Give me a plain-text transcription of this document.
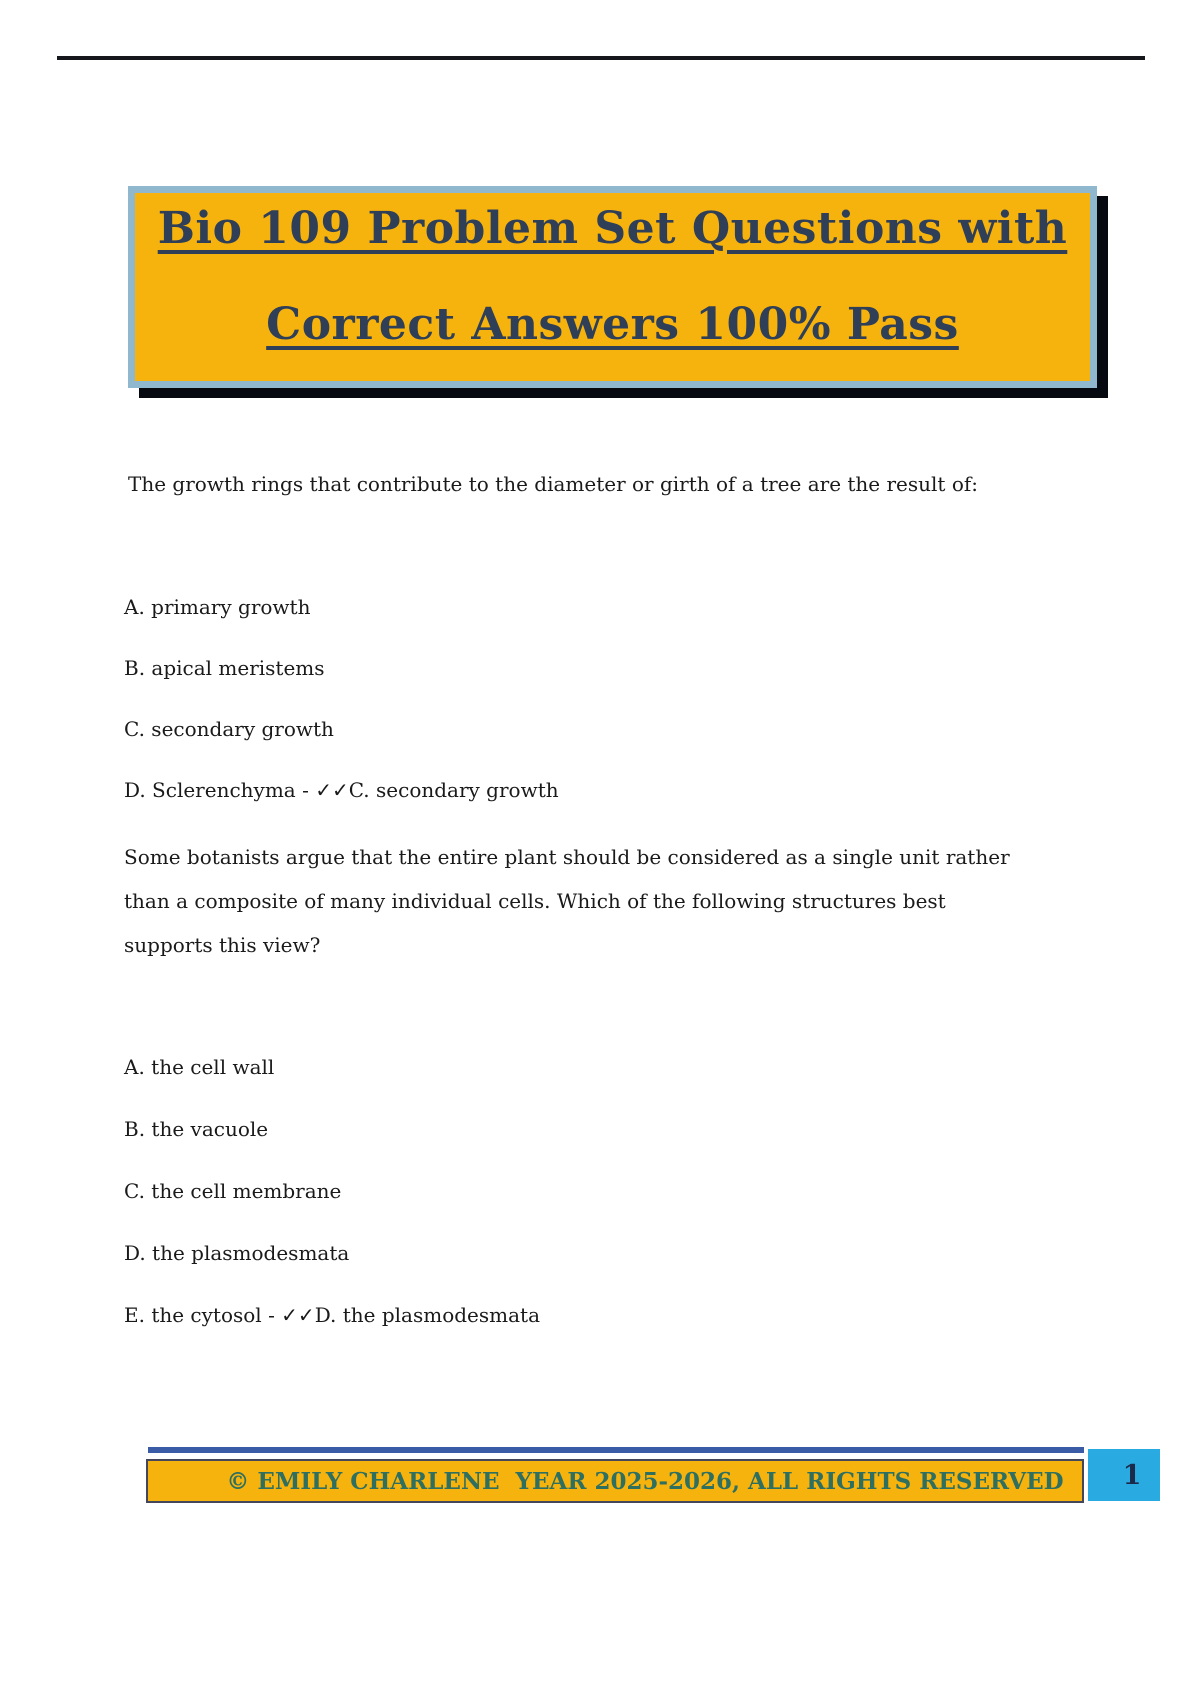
Bio 109 Problem Set Questions with
Correct Answers 100% Pass
The growth rings that contribute to the diameter or girth of a tree are the result of:
A. primary growth
B. apical meristems
C. secondary growth
D. Sclerenchyma - ✓✓C. secondary growth
Some botanists argue that the entire plant should be considered as a single unit rather
than a composite of many individual cells. Which of the following structures best
supports this view?
A. the cell wall
B. the vacuole
C. the cell membrane
D. the plasmodesmata
E. the cytosol - ✓✓D. the plasmodesmata
© EMILY CHARLENE  YEAR 2025-2026, ALL RIGHTS RESERVED 1
